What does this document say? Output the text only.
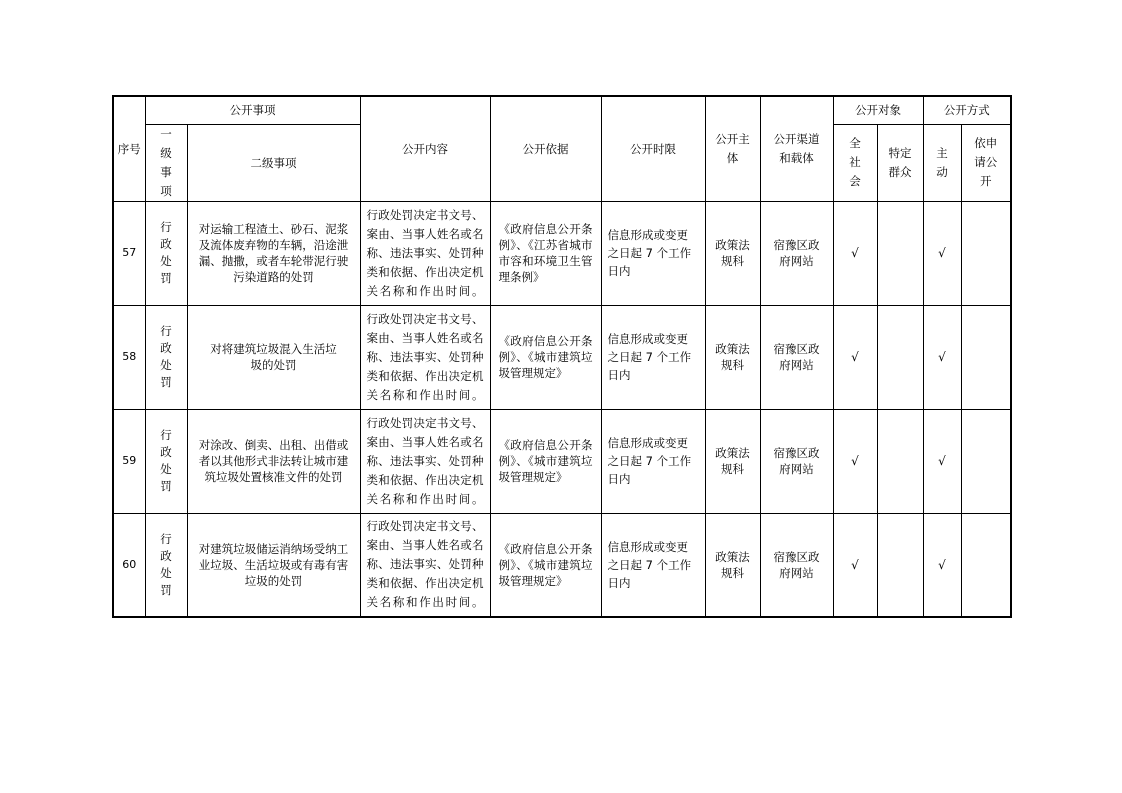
序号	公开事项		公开内容	公开依据	公开时限	公开主体	公开渠道和载体	公开对象		公开方式	
	一级事项	二级事项						全社会	特定群众	主动	依申请公开
57	行政处罚	对运输工程渣土、砂石、泥浆及流体废弃物的车辆，沿途泄漏、抛撒，或者车轮带泥行驶污染道路的处罚	行政处罚决定书文号、案由、当事人姓名或名称、违法事实、处罚种类和依据、作出决定机关名称和作出时间。	《政府信息公开条例》、《江苏省城市市容和环境卫生管理条例》	信息形成或变更之日起 7 个工作日内	政策法规科	宿豫区政府网站	√		√	
58	行政处罚	对将建筑垃圾混入生活垃圾的处罚	行政处罚决定书文号、案由、当事人姓名或名称、违法事实、处罚种类和依据、作出决定机关名称和作出时间。	《政府信息公开条例》、《城市建筑垃圾管理规定》	信息形成或变更之日起 7 个工作日内	政策法规科	宿豫区政府网站	√		√	
59	行政处罚	对涂改、倒卖、出租、出借或者以其他形式非法转让城市建筑垃圾处置核准文件的处罚	行政处罚决定书文号、案由、当事人姓名或名称、违法事实、处罚种类和依据、作出决定机关名称和作出时间。	《政府信息公开条例》、《城市建筑垃圾管理规定》	信息形成或变更之日起 7 个工作日内	政策法规科	宿豫区政府网站	√		√	
60	行政处罚	对建筑垃圾储运消纳场受纳工业垃圾、生活垃圾或有毒有害垃圾的处罚	行政处罚决定书文号、案由、当事人姓名或名称、违法事实、处罚种类和依据、作出决定机关名称和作出时间。	《政府信息公开条例》、《城市建筑垃圾管理规定》	信息形成或变更之日起 7 个工作日内	政策法规科	宿豫区政府网站	√		√	
